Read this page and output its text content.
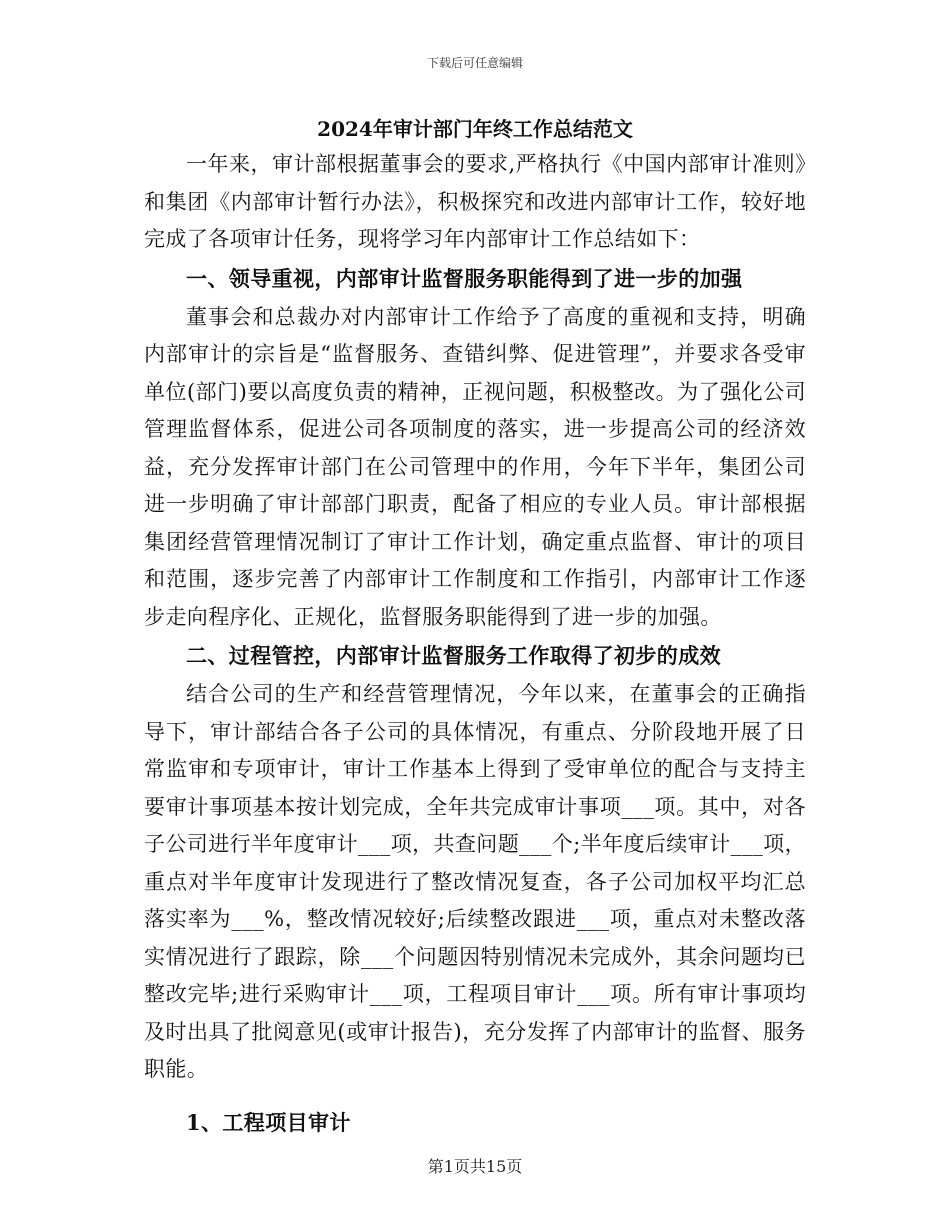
下载后可任意编辑
2024年审计部门年终工作总结范文

一年来，审计部根据董事会的要求,严格执行《中国内部审计准则》和集团《内部审计暂行办法》，积极探究和改进内部审计工作，较好地完成了各项审计任务，现将学习年内部审计工作总结如下：

一、领导重视，内部审计监督服务职能得到了进一步的加强

董事会和总裁办对内部审计工作给予了高度的重视和支持，明确内部审计的宗旨是“监督服务、查错纠弊、促进管理”，并要求各受审单位(部门)要以高度负责的精神，正视问题，积极整改。为了强化公司管理监督体系，促进公司各项制度的落实，进一步提高公司的经济效益，充分发挥审计部门在公司管理中的作用，今年下半年，集团公司进一步明确了审计部部门职责，配备了相应的专业人员。审计部根据集团经营管理情况制订了审计工作计划，确定重点监督、审计的项目和范围，逐步完善了内部审计工作制度和工作指引，内部审计工作逐步走向程序化、正规化，监督服务职能得到了进一步的加强。

二、过程管控，内部审计监督服务工作取得了初步的成效

结合公司的生产和经营管理情况，今年以来，在董事会的正确指导下，审计部结合各子公司的具体情况，有重点、分阶段地开展了日常监审和专项审计，审计工作基本上得到了受审单位的配合与支持主要审计事项基本按计划完成，全年共完成审计事项___项。其中，对各子公司进行半年度审计___项，共查问题___个;半年度后续审计___项，重点对半年度审计发现进行了整改情况复查，各子公司加权平均汇总落实率为___%，整改情况较好;后续整改跟进___项，重点对未整改落实情况进行了跟踪，除___个问题因特别情况未完成外，其余问题均已整改完毕;进行采购审计___项，工程项目审计___项。所有审计事项均及时出具了批阅意见(或审计报告)，充分发挥了内部审计的监督、服务职能。

1、工程项目审计
第1页共15页
